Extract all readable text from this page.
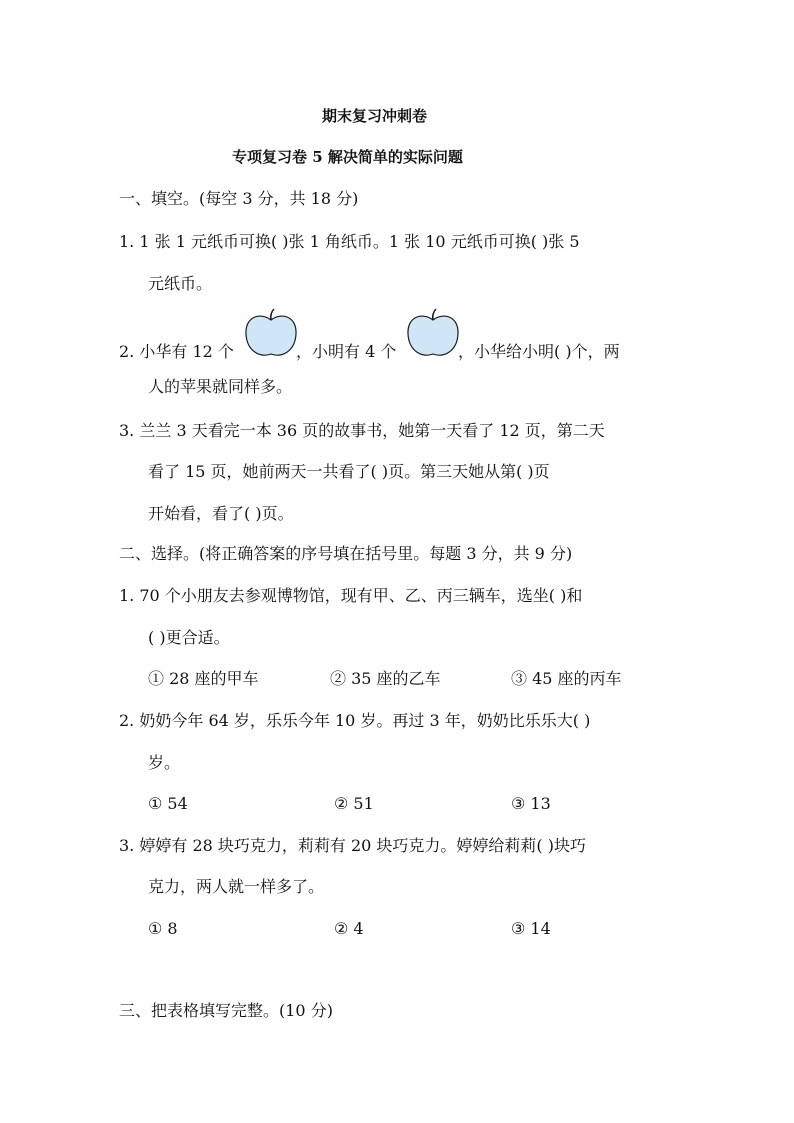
期末复习冲刺卷
专项复习卷 5 解决简单的实际问题
一、填空。(每空 3 分，共 18 分)
1. 1 张 1 元纸币可换( )张 1 角纸币。1 张 10 元纸币可换( )张 5
元纸币。
2. 小华有 12 个	，小明有 4 个	，小华给小明( )个，两
人的苹果就同样多。
3. 兰兰 3 天看完一本 36 页的故事书，她第一天看了 12 页，第二天
看了 15 页，她前两天一共看了( )页。第三天她从第( )页
开始看，看了( )页。
二、选择。(将正确答案的序号填在括号里。每题 3 分，共 9 分)
1. 70 个小朋友去参观博物馆，现有甲、乙、丙三辆车，选坐( )和
( )更合适。
① 28 座的甲车	② 35 座的乙车	③ 45 座的丙车
2. 奶奶今年 64 岁，乐乐今年 10 岁。再过 3 年，奶奶比乐乐大( )
岁。
① 54	② 51	③ 13
3. 婷婷有 28 块巧克力，莉莉有 20 块巧克力。婷婷给莉莉( )块巧
克力，两人就一样多了。
① 8	② 4	③ 14
三、把表格填写完整。(10 分)
